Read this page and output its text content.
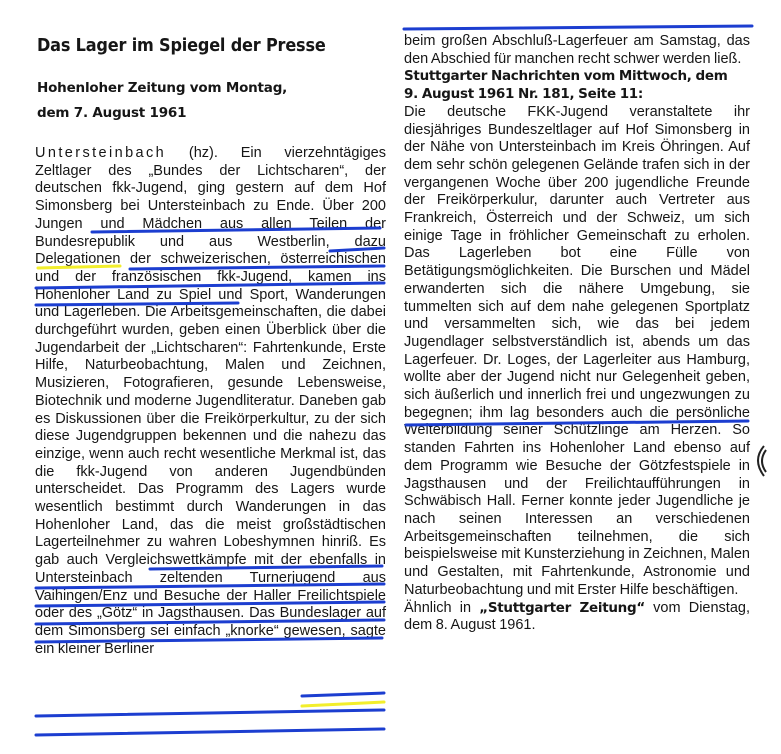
Das Lager im Spiegel der Presse
Hohenloher Zeitung vom Montag,
dem 7. August 1961
Untersteinbach (hz). Ein vierzehntägiges Zeltlager des „Bundes der Lichtscharen“, der deutschen fkk-Jugend, ging gestern auf dem Hof Simonsberg bei Untersteinbach zu Ende. Über 200 Jungen und Mädchen aus allen Teilen der Bundesrepublik und aus Westberlin, dazu Delegationen der schweizerischen, österreichischen und der französischen fkk-Jugend, kamen ins Hohenloher Land zu Spiel und Sport, Wanderungen und Lagerleben. Die Arbeitsgemeinschaften, die dabei durchgeführt wurden, geben einen Überblick über die Jugendarbeit der „Lichtscharen“: Fahrtenkunde, Erste Hilfe, Naturbeobachtung, Malen und Zeichnen, Musizieren, Fotografieren, gesunde Lebensweise, Biotechnik und moderne Jugendliteratur. Daneben gab es Diskussionen über die Freikörperkultur, zu der sich diese Jugendgruppen bekennen und die nahezu das einzige, wenn auch recht wesentliche Merkmal ist, das die fkk-Jugend von anderen Jugendbünden unterscheidet. Das Programm des Lagers wurde wesentlich bestimmt durch Wanderungen in das Hohenloher Land, das die meist großstädtischen Lagerteilnehmer zu wahren Lobeshymnen hinriß. Es gab auch Vergleichswettkämpfe mit der ebenfalls in Untersteinbach zeltenden Turnerjugend aus Vaihingen/Enz und Besuche der Haller Freilichtspiele oder des „Götz“ in Jagsthausen. Das Bundeslager auf dem Simonsberg sei einfach „knorke“ gewesen, sagte ein kleiner Berliner
beim großen Abschluß-Lagerfeuer am Samstag, das den Abschied für manchen recht schwer werden ließ.
Stuttgarter Nachrichten vom Mittwoch, dem
9. August 1961 Nr. 181, Seite 11:
Die deutsche FKK-Jugend veranstaltete ihr diesjähriges Bundeszeltlager auf Hof Simonsberg in der Nähe von Untersteinbach im Kreis Öhringen. Auf dem sehr schön gelegenen Gelände trafen sich in der vergangenen Woche über 200 jugendliche Freunde der Freikörperkulur, darunter auch Vertreter aus Frankreich, Österreich und der Schweiz, um sich einige Tage in fröhlicher Gemeinschaft zu erholen. Das Lagerleben bot eine Fülle von Betätigungsmöglichkeiten. Die Burschen und Mädel erwanderten sich die nähere Umgebung, sie tummelten sich auf dem nahe gelegenen Sportplatz und versammelten sich, wie das bei jedem Jugendlager selbstverständlich ist, abends um das Lagerfeuer. Dr. Loges, der Lagerleiter aus Hamburg, wollte aber der Jugend nicht nur Gelegenheit geben, sich äußerlich und innerlich frei und ungezwungen zu begegnen; ihm lag besonders auch die persönliche Weiterbildung seiner Schützlinge am Herzen. So standen Fahrten ins Hohenloher Land ebenso auf dem Programm wie Besuche der Götzfestspiele in Jagsthausen und der Freilichtaufführungen in Schwäbisch Hall. Ferner konnte jeder Jugendliche je nach seinen Interessen an verschiedenen Arbeitsgemeinschaften teilnehmen, die sich beispielsweise mit Kunsterziehung in Zeichnen, Malen und Gestalten, mit Fahrtenkunde, Astronomie und Naturbeobachtung und mit Erster Hilfe beschäftigen.
Ähnlich in „Stuttgarter Zeitung“ vom Dienstag, dem 8. August 1961.
